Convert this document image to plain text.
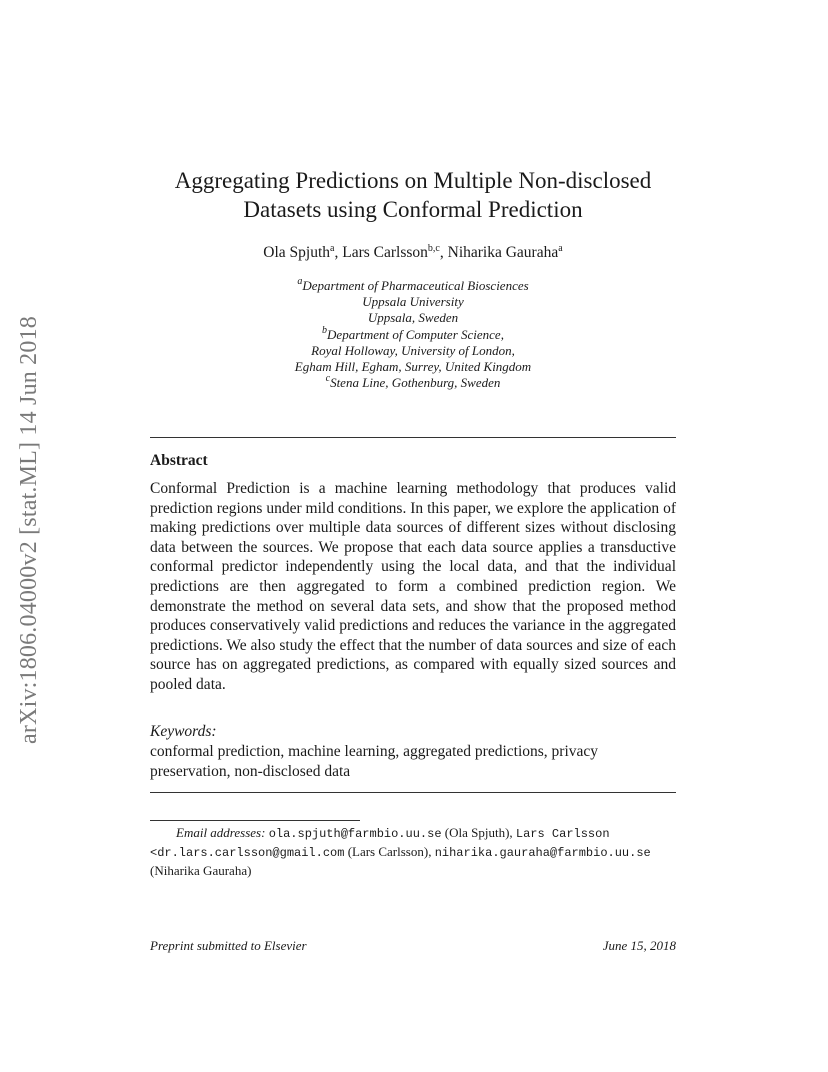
arXiv:1806.04000v2 [stat.ML] 14 Jun 2018
Aggregating Predictions on Multiple Non-disclosed
Datasets using Conformal Prediction
Ola Spjuth$^a$, Lars Carlsson$^{b,c}$, Niharika Gauraha$^a$
$^a$Department of Pharmaceutical Biosciences
Uppsala University
Uppsala, Sweden
$^b$Department of Computer Science,
Royal Holloway, University of London,
Egham Hill, Egham, Surrey, United Kingdom
$^c$Stena Line, Gothenburg, Sweden
Abstract
Conformal Prediction is a machine learning methodology that produces valid prediction regions under mild conditions. In this paper, we explore the application of making predictions over multiple data sources of different sizes without disclosing data between the sources. We propose that each data source applies a transductive conformal predictor independently using the local data, and that the individual predictions are then aggregated to form a combined prediction region. We demonstrate the method on several data sets, and show that the proposed method produces conservatively valid predictions and reduces the variance in the aggregated predictions. We also study the effect that the number of data sources and size of each source has on aggregated predictions, as compared with equally sized sources and pooled data.
Keywords:
conformal prediction, machine learning, aggregated predictions, privacy preservation, non-disclosed data
Email addresses: ola.spjuth@farmbio.uu.se (Ola Spjuth), Lars Carlsson
<dr.lars.carlsson@gmail.com (Lars Carlsson), niharika.gauraha@farmbio.uu.se
(Niharika Gauraha)
Preprint submitted to Elsevier	June 15, 2018
